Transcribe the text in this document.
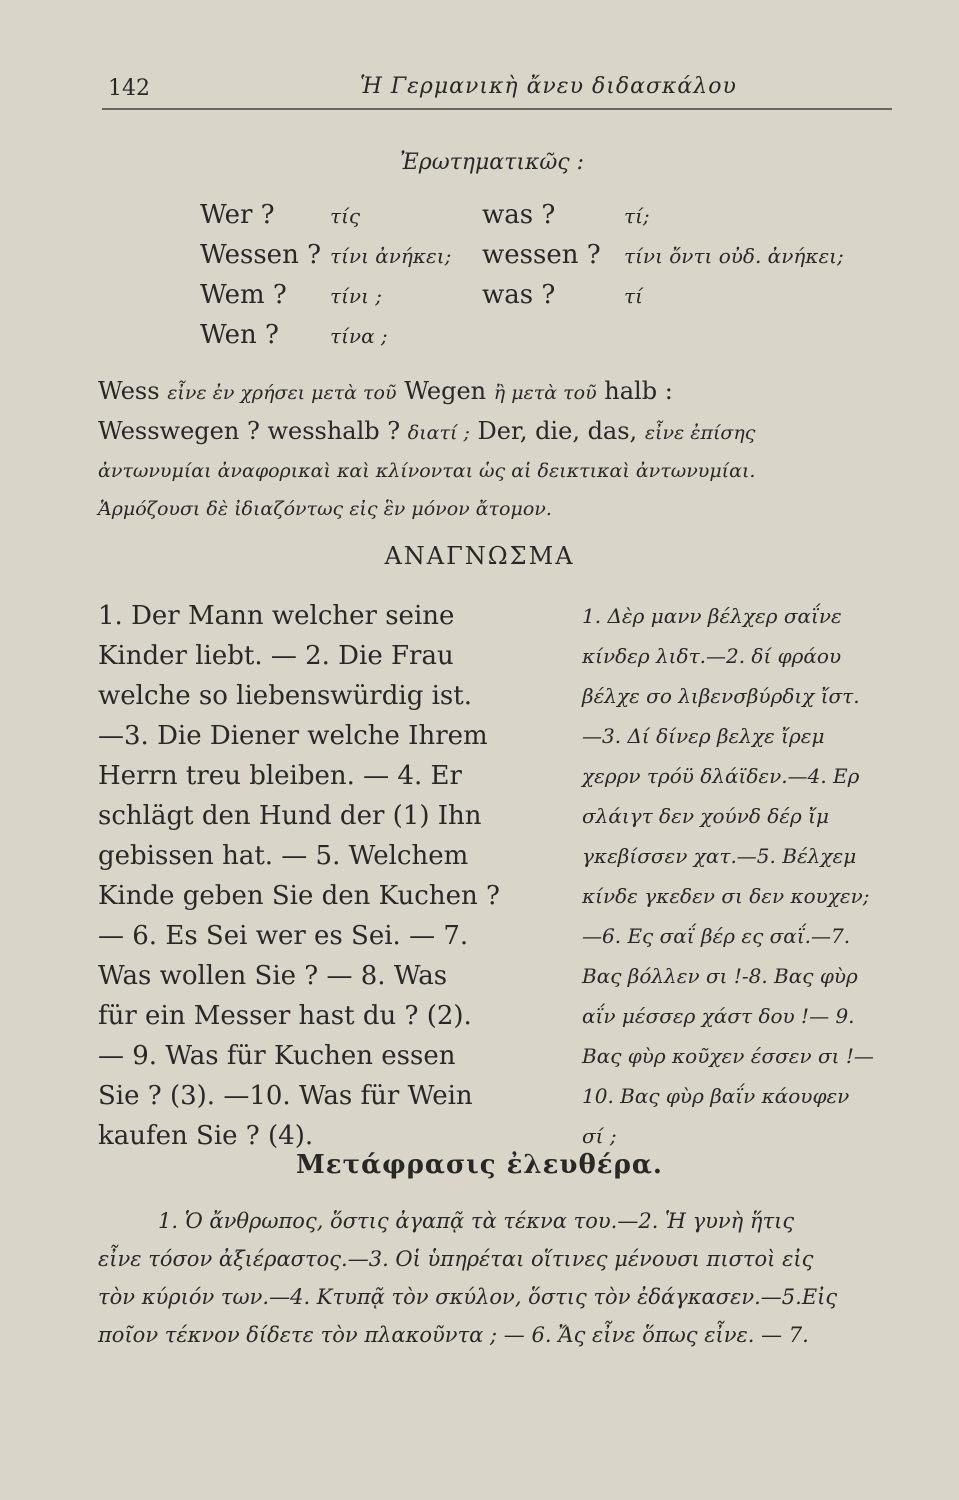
142	Ἡ Γερμανικὴ ἄνευ διδασκάλου
Ἐρωτηματικῶς :
Wer ?	τίς	was ?	τί;
Wessen ? τίνι ἀνήκει; wessen ? τίνι ὄντι οὐδ. ἀνήκει;
Wem ? τίνι ;	was ?	τί
Wen ?	τίνα ;
Wess εἶνε ἐν χρήσει μετὰ τοῦ Wegen ἢ μετὰ τοῦ halb :
Wesswegen ? wesshalb ? διατί ; Der, die, das, εἶνε ἐπίσης
ἀντωνυμίαι ἀναφορικαὶ καὶ κλίνονται ὡς αἱ δεικτικαὶ ἀντωνυμίαι.
Ἁρμόζουσι δὲ ἰδιαζόντως εἰς ἓν μόνον ἄτομον.
ΑΝΑΓΝΩΣΜΑ
1. Der Mann welcher seine
Kinder liebt. — 2. Die Frau
welche so liebenswürdig ist.
—3. Die Diener welche Ihrem
Herrn treu bleiben. — 4. Er
schlägt den Hund der (1) Ihn
gebissen hat. — 5. Welchem
Kinde geben Sie den Kuchen ?
— 6. Es Sei wer es Sei. — 7.
Was wollen Sie ? — 8. Was
für ein Messer hast du ? (2).
— 9. Was für Kuchen essen
Sie ? (3). —10. Was für Wein
kaufen Sie ? (4).
1. Δὲρ μανν βέλχερ σαΐνε
κίνδερ λιδτ.—2. δί φράου
βέλχε σο λιβενσβύρδιχ ἴστ.
—3. Δί δίνερ βελχε ἴρεμ
χερρν τρόϋ δλάϊδεν.—4. Ερ
σλάιγτ δεν χούνδ δέρ ἴμ
γκεβίσσεν χατ.—5. Βέλχεμ
κίνδε γκεδεν σι δεν κουχεν;
—6. Ες σαΐ βέρ ες σαΐ.—7.
Βας βόλλεν σι !-8. Βας φὺρ
αΐν μέσσερ χάστ δου !— 9.
Βας φὺρ κοῦχεν έσσεν σι !—
10. Βας φὺρ βαΐν κάουφεν
σί ;
Μετάφρασις ἐλευθέρα.
1. Ὁ ἄνθρωπος, ὅστις ἀγαπᾷ τὰ τέκνα του.—2. Ἡ γυνὴ ἥτις
εἶνε τόσον ἀξιέραστος.—3. Οἱ ὑπηρέται οἵτινες μένουσι πιστοὶ εἰς
τὸν κύριόν των.—4. Κτυπᾷ τὸν σκύλον, ὅστις τὸν ἐδάγκασεν.—5.Εἰς
ποῖον τέκνον δίδετε τὸν πλακοῦντα ; — 6. Ἄς εἶνε ὅπως εἶνε. — 7.
